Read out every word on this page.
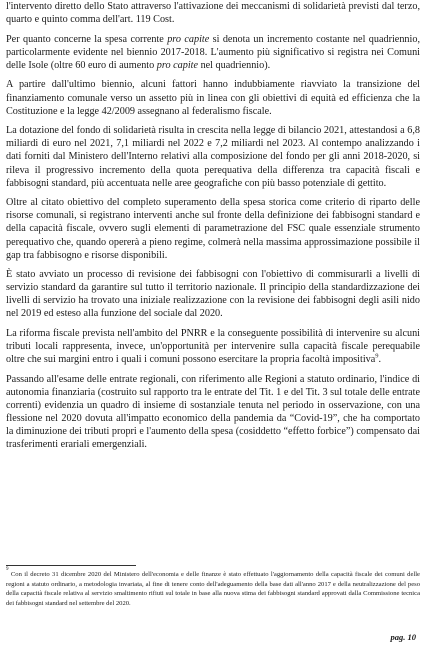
l'intervento diretto dello Stato attraverso l'attivazione dei meccanismi di solidarietà previsti dal terzo, quarto e quinto comma dell'art. 119 Cost.

Per quanto concerne la spesa corrente pro capite si denota un incremento costante nel quadriennio, particolarmente evidente nel biennio 2017-2018. L'aumento più significativo si registra nei Comuni delle Isole (oltre 60 euro di aumento pro capite nel quadriennio).

A partire dall'ultimo biennio, alcuni fattori hanno indubbiamente riavviato la transizione del finanziamento comunale verso un assetto più in linea con gli obiettivi di equità ed efficienza che la Costituzione e la legge 42/2009 assegnano al federalismo fiscale.

La dotazione del fondo di solidarietà risulta in crescita nella legge di bilancio 2021, attestandosi a 6,8 miliardi di euro nel 2021, 7,1 miliardi nel 2022 e 7,2 miliardi nel 2023. Al contempo analizzando i dati forniti dal Ministero dell'Interno relativi alla composizione del fondo per gli anni 2018-2020, si rileva il progressivo incremento della quota perequativa della differenza tra capacità fiscali e fabbisogni standard, più accentuata nelle aree geografiche con più basso potenziale di gettito.

Oltre al citato obiettivo del completo superamento della spesa storica come criterio di riparto delle risorse comunali, si registrano interventi anche sul fronte della definizione dei fabbisogni standard e della capacità fiscale, ovvero sugli elementi di parametrazione del FSC quale essenziale strumento perequativo che, quando opererà a pieno regime, colmerà nella massima approssimazione possibile il gap tra fabbisogno e risorse disponibili.

È stato avviato un processo di revisione dei fabbisogni con l'obiettivo di commisurarli a livelli di servizio standard da garantire sul tutto il territorio nazionale. Il principio della standardizzazione dei livelli di servizio ha trovato una iniziale realizzazione con la revisione dei fabbisogni degli asili nido nel 2019 ed esteso alla funzione del sociale dal 2020.

La riforma fiscale prevista nell'ambito del PNRR e la conseguente possibilità di intervenire su alcuni tributi locali rappresenta, invece, un'opportunità per intervenire sulla capacità fiscale perequabile oltre che sui margini entro i quali i comuni possono esercitare la propria facoltà impositiva$^9$.

Passando all'esame delle entrate regionali, con riferimento alle Regioni a statuto ordinario, l'indice di autonomia finanziaria (costruito sul rapporto tra le entrate del Tit. 1 e del Tit. 3 sul totale delle entrate correnti) evidenzia un quadro di insieme di sostanziale tenuta nel periodo in osservazione, con una flessione nel 2020 dovuta all'impatto economico della pandemia da “Covid-19”, che ha comportato la diminuzione dei tributi propri e l'aumento della spesa (cosiddetto “effetto forbice”) compensato dai trasferimenti erariali emergenziali.

$^9$ Con il decreto 31 dicembre 2020 del Ministero dell'economia e delle finanze è stato effettuato l'aggiornamento della capacità fiscale dei comuni delle regioni a statuto ordinario, a metodologia invariata, al fine di tenere conto dell'adeguamento della base dati all'anno 2017 e della neutralizzazione del peso della capacità fiscale relativa al servizio smaltimento rifiuti sul totale in base alla nuova stima dei fabbisogni standard approvati dalla Commissione tecnica dei fabbisogni standard nel settembre del 2020.
pag. 10
